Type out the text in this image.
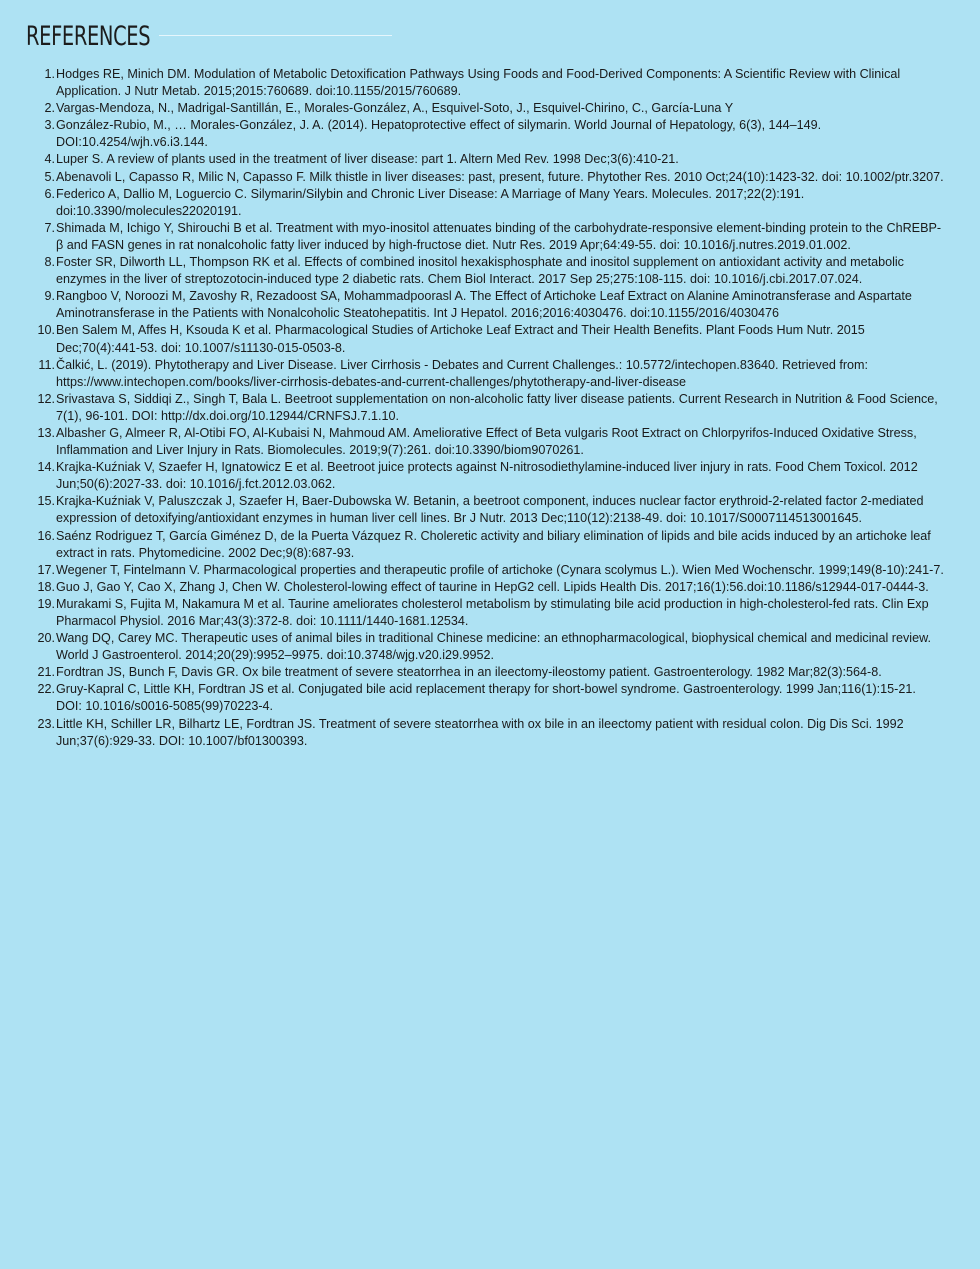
REFERENCES
1. Hodges RE, Minich DM. Modulation of Metabolic Detoxification Pathways Using Foods and Food-Derived Components: A Scientific Review with Clinical Application. J Nutr Metab. 2015;2015:760689. doi:10.1155/2015/760689.
2. Vargas-Mendoza, N., Madrigal-Santillán, E., Morales-González, A., Esquivel-Soto, J., Esquivel-Chirino, C., García-Luna Y
3. González-Rubio, M., … Morales-González, J. A. (2014). Hepatoprotective effect of silymarin. World Journal of Hepatology, 6(3), 144–149. DOI:10.4254/wjh.v6.i3.144.
4. Luper S. A review of plants used in the treatment of liver disease: part 1. Altern Med Rev. 1998 Dec;3(6):410-21.
5. Abenavoli L, Capasso R, Milic N, Capasso F. Milk thistle in liver diseases: past, present, future. Phytother Res. 2010 Oct;24(10):1423-32. doi: 10.1002/ptr.3207.
6. Federico A, Dallio M, Loguercio C. Silymarin/Silybin and Chronic Liver Disease: A Marriage of Many Years. Molecules. 2017;22(2):191. doi:10.3390/molecules22020191.
7. Shimada M, Ichigo Y, Shirouchi B et al. Treatment with myo-inositol attenuates binding of the carbohydrate-responsive element-binding protein to the ChREBP-β and FASN genes in rat nonalcoholic fatty liver induced by high-fructose diet. Nutr Res. 2019 Apr;64:49-55. doi: 10.1016/j.nutres.2019.01.002.
8. Foster SR, Dilworth LL, Thompson RK et al. Effects of combined inositol hexakisphosphate and inositol supplement on antioxidant activity and metabolic enzymes in the liver of streptozotocin-induced type 2 diabetic rats. Chem Biol Interact. 2017 Sep 25;275:108-115. doi: 10.1016/j.cbi.2017.07.024.
9. Rangboo V, Noroozi M, Zavoshy R, Rezadoost SA, Mohammadpoorasl A. The Effect of Artichoke Leaf Extract on Alanine Aminotransferase and Aspartate Aminotransferase in the Patients with Nonalcoholic Steatohepatitis. Int J Hepatol. 2016;2016:4030476. doi:10.1155/2016/4030476
10. Ben Salem M, Affes H, Ksouda K et al. Pharmacological Studies of Artichoke Leaf Extract and Their Health Benefits. Plant Foods Hum Nutr. 2015 Dec;70(4):441-53. doi: 10.1007/s11130-015-0503-8.
11. Čalkić, L. (2019). Phytotherapy and Liver Disease. Liver Cirrhosis - Debates and Current Challenges.: 10.5772/intechopen.83640. Retrieved from: https://www.intechopen.com/books/liver-cirrhosis-debates-and-current-challenges/phytotherapy-and-liver-disease
12. Srivastava S, Siddiqi Z., Singh T, Bala L. Beetroot supplementation on non-alcoholic fatty liver disease patients. Current Research in Nutrition & Food Science, 7(1), 96-101. DOI: http://dx.doi.org/10.12944/CRNFSJ.7.1.10.
13. Albasher G, Almeer R, Al-Otibi FO, Al-Kubaisi N, Mahmoud AM. Ameliorative Effect of Beta vulgaris Root Extract on Chlorpyrifos-Induced Oxidative Stress, Inflammation and Liver Injury in Rats. Biomolecules. 2019;9(7):261. doi:10.3390/biom9070261.
14. Krajka-Kuźniak V, Szaefer H, Ignatowicz E et al. Beetroot juice protects against N-nitrosodiethylamine-induced liver injury in rats. Food Chem Toxicol. 2012 Jun;50(6):2027-33. doi: 10.1016/j.fct.2012.03.062.
15. Krajka-Kuźniak V, Paluszczak J, Szaefer H, Baer-Dubowska W. Betanin, a beetroot component, induces nuclear factor erythroid-2-related factor 2-mediated expression of detoxifying/antioxidant enzymes in human liver cell lines. Br J Nutr. 2013 Dec;110(12):2138-49. doi: 10.1017/S0007114513001645.
16. Saénz Rodriguez T, García Giménez D, de la Puerta Vázquez R. Choleretic activity and biliary elimination of lipids and bile acids induced by an artichoke leaf extract in rats. Phytomedicine. 2002 Dec;9(8):687-93.
17. Wegener T, Fintelmann V. Pharmacological properties and therapeutic profile of artichoke (Cynara scolymus L.). Wien Med Wochenschr. 1999;149(8-10):241-7.
18. Guo J, Gao Y, Cao X, Zhang J, Chen W. Cholesterol-lowing effect of taurine in HepG2 cell. Lipids Health Dis. 2017;16(1):56.doi:10.1186/s12944-017-0444-3.
19. Murakami S, Fujita M, Nakamura M et al. Taurine ameliorates cholesterol metabolism by stimulating bile acid production in high-cholesterol-fed rats. Clin Exp Pharmacol Physiol. 2016 Mar;43(3):372-8. doi: 10.1111/1440-1681.12534.
20. Wang DQ, Carey MC. Therapeutic uses of animal biles in traditional Chinese medicine: an ethnopharmacological, biophysical chemical and medicinal review. World J Gastroenterol. 2014;20(29):9952–9975. doi:10.3748/wjg.v20.i29.9952.
21. Fordtran JS, Bunch F, Davis GR. Ox bile treatment of severe steatorrhea in an ileectomy-ileostomy patient. Gastroenterology. 1982 Mar;82(3):564-8.
22. Gruy-Kapral C, Little KH, Fordtran JS et al. Conjugated bile acid replacement therapy for short-bowel syndrome. Gastroenterology. 1999 Jan;116(1):15-21. DOI: 10.1016/s0016-5085(99)70223-4.
23. Little KH, Schiller LR, Bilhartz LE, Fordtran JS. Treatment of severe steatorrhea with ox bile in an ileectomy patient with residual colon. Dig Dis Sci. 1992 Jun;37(6):929-33. DOI: 10.1007/bf01300393.
